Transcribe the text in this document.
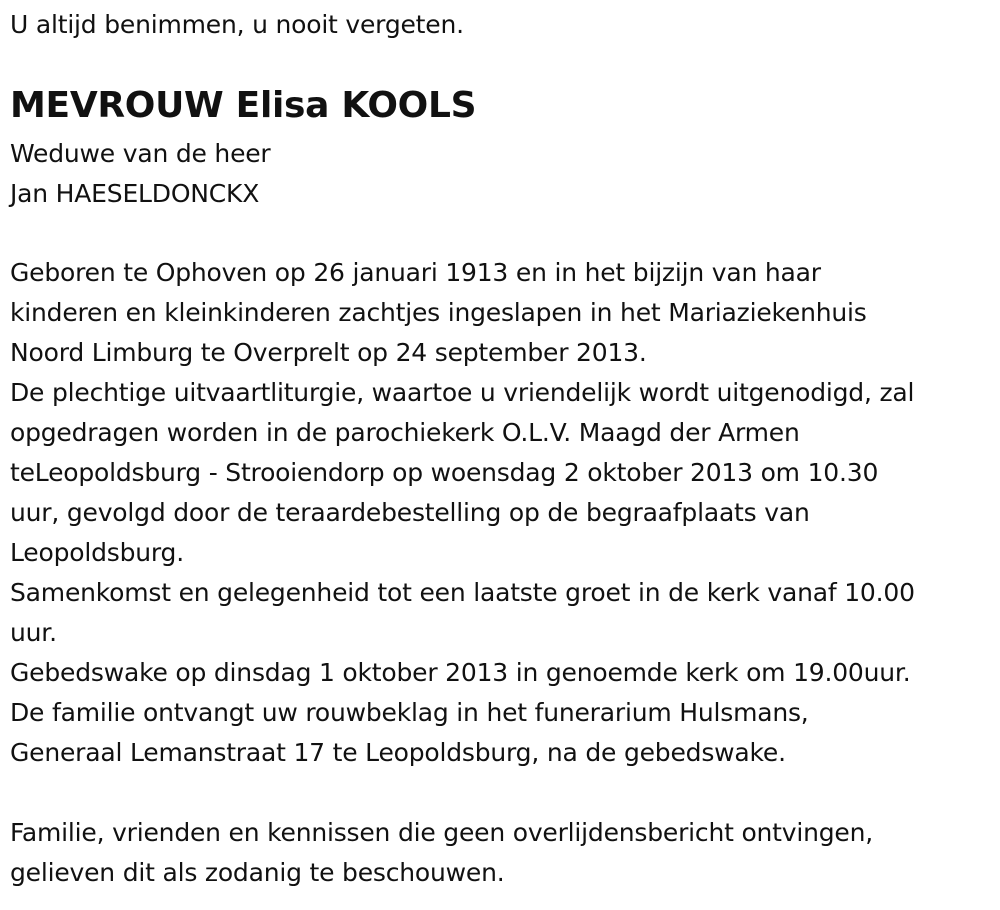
U altijd benimmen, u nooit vergeten.
MEVROUW Elisa KOOLS
Weduwe van de heer
Jan HAESELDONCKX
Geboren te Ophoven op 26 januari 1913 en in het bijzijn van haar
kinderen en kleinkinderen zachtjes ingeslapen in het Mariaziekenhuis
Noord Limburg te Overprelt op 24 september 2013.
De plechtige uitvaartliturgie, waartoe u vriendelijk wordt uitgenodigd, zal
opgedragen worden in de parochiekerk O.L.V. Maagd der Armen
teLeopoldsburg - Strooiendorp op woensdag 2 oktober 2013 om 10.30
uur, gevolgd door de teraardebestelling op de begraafplaats van
Leopoldsburg.
Samenkomst en gelegenheid tot een laatste groet in de kerk vanaf 10.00
uur.
Gebedswake op dinsdag 1 oktober 2013 in genoemde kerk om 19.00uur.
De familie ontvangt uw rouwbeklag in het funerarium Hulsmans,
Generaal Lemanstraat 17 te Leopoldsburg, na de gebedswake.
Familie, vrienden en kennissen die geen overlijdensbericht ontvingen,
gelieven dit als zodanig te beschouwen.
